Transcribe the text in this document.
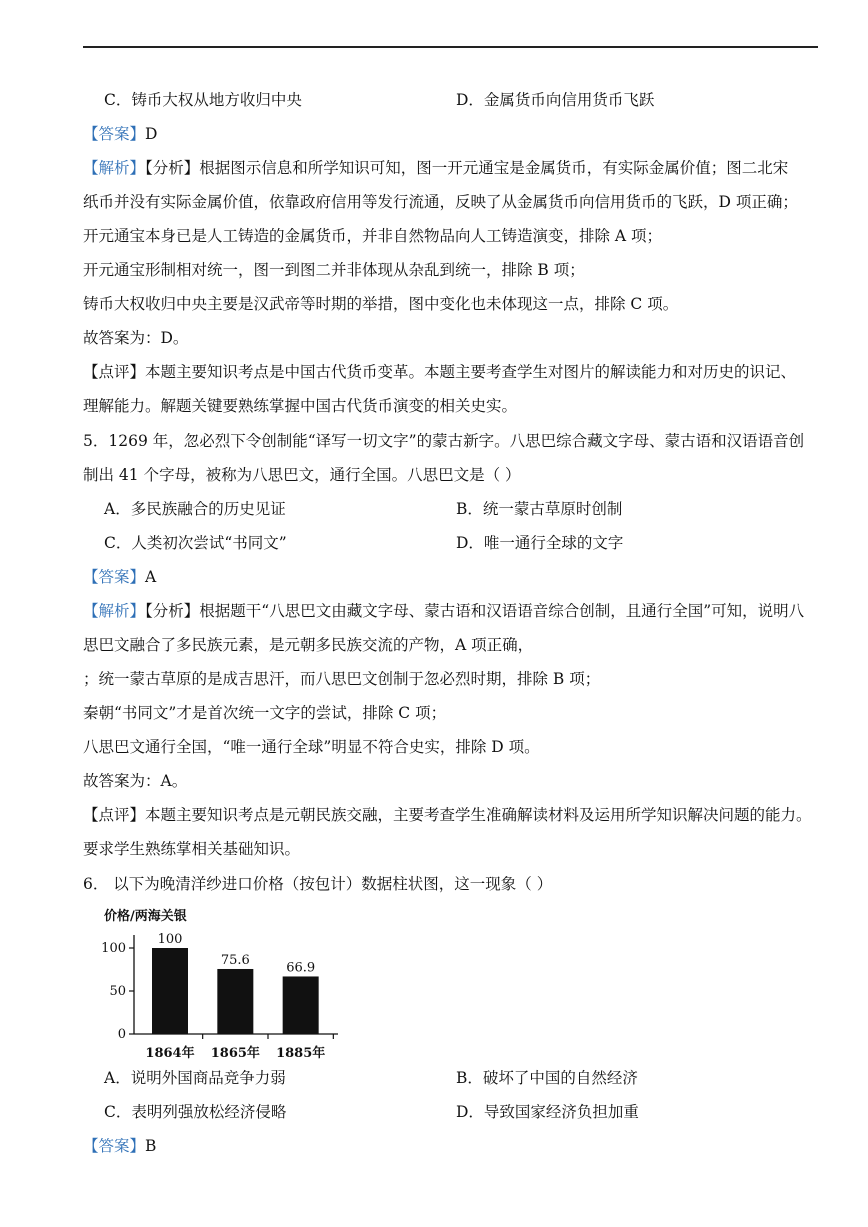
C．铸币大权从地方收归中央	D．金属货币向信用货币飞跃
【答案】D
【解析】【分析】根据图示信息和所学知识可知，图一开元通宝是金属货币，有实际金属价值；图二北宋
纸币并没有实际金属价值，依靠政府信用等发行流通，反映了从金属货币向信用货币的飞跃，D 项正确；
开元通宝本身已是人工铸造的金属货币，并非自然物品向人工铸造演变，排除 A 项；
开元通宝形制相对统一，图一到图二并非体现从杂乱到统一，排除 B 项；
铸币大权收归中央主要是汉武帝等时期的举措，图中变化也未体现这一点，排除 C 项。
故答案为：D。
【点评】本题主要知识考点是中国古代货币变革。本题主要考查学生对图片的解读能力和对历史的识记、
理解能力。解题关键要熟练掌握中国古代货币演变的相关史实。
5．1269 年，忽必烈下令创制能“译写一切文字”的蒙古新字。八思巴综合藏文字母、蒙古语和汉语语音创
制出 41 个字母，被称为八思巴文，通行全国。八思巴文是（ ）
A．多民族融合的历史见证	B．统一蒙古草原时创制
C．人类初次尝试“书同文”	D．唯一通行全球的文字
【答案】A
【解析】【分析】根据题干“八思巴文由藏文字母、蒙古语和汉语语音综合创制，且通行全国”可知，说明八
思巴文融合了多民族元素，是元朝多民族交流的产物，A 项正确，
；统一蒙古草原的是成吉思汗，而八思巴文创制于忽必烈时期，排除 B 项；
秦朝“书同文”才是首次统一文字的尝试，排除 C 项；
八思巴文通行全国，“唯一通行全球”明显不符合史实，排除 D 项。
故答案为：A。
【点评】本题主要知识考点是元朝民族交融，主要考查学生准确解读材料及运用所学知识解决问题的能力。
要求学生熟练掌相关基础知识。
6． 以下为晚清洋纱进口价格（按包计）数据柱状图，这一现象（ ）
价格/两海关银
0
50
100
100
1864年
75.6
1865年
66.9
1885年
A．说明外国商品竞争力弱	B．破坏了中国的自然经济
C．表明列强放松经济侵略	D．导致国家经济负担加重
【答案】B
